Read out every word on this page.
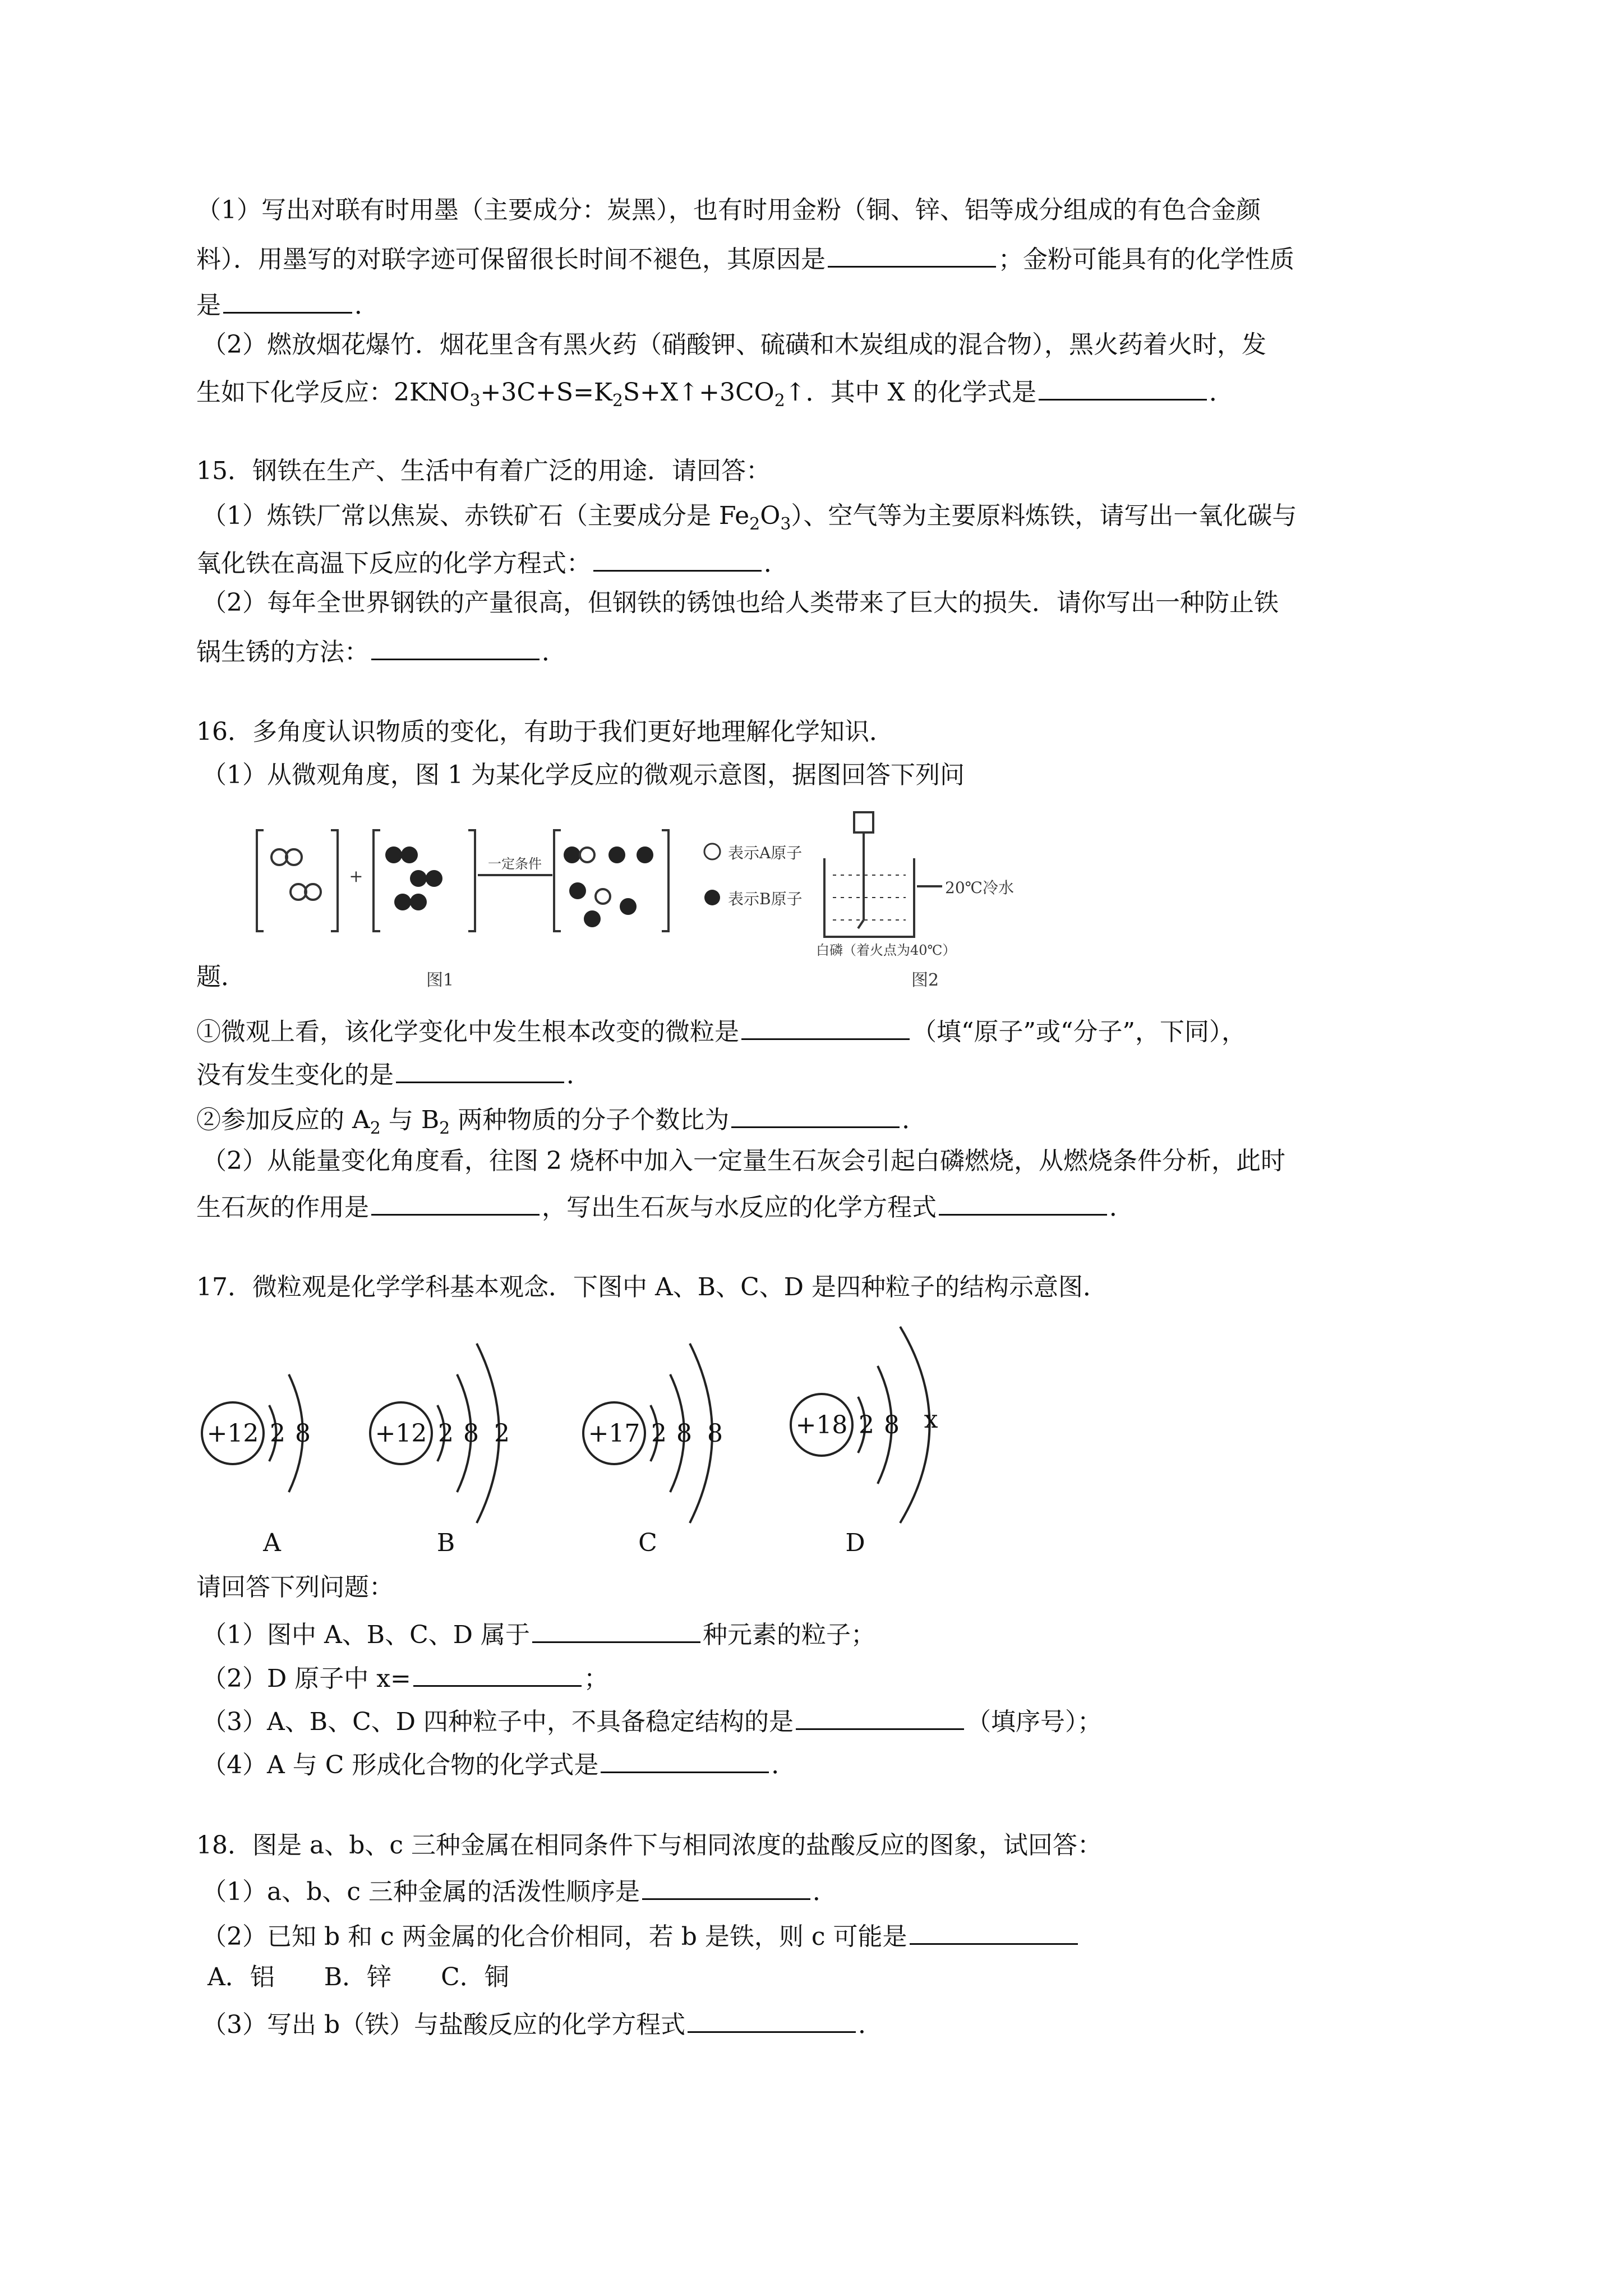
（1）写出对联有时用墨（主要成分：炭黑），也有时用金粉（铜、锌、铝等成分组成的有色合金颜
料）．用墨写的对联字迹可保留很长时间不褪色，其原因是	；金粉可能具有的化学性质
是	．
（2）燃放烟花爆竹．烟花里含有黑火药（硝酸钾、硫磺和木炭组成的混合物），黑火药着火时，发
生如下化学反应：$2KNO_3+3C+S=K_2S+X↑+3CO_2↑$．其中 X 的化学式是	．
15．钢铁在生产、生活中有着广泛的用途．请回答：
（1）炼铁厂常以焦炭、赤铁矿石（主要成分是 $Fe_2O_3$）、空气等为主要原料炼铁，请写出一氧化碳与
氧化铁在高温下反应的化学方程式：	．
（2）每年全世界钢铁的产量很高，但钢铁的锈蚀也给人类带来了巨大的损失．请你写出一种防止铁
锅生锈的方法：	．
16．多角度认识物质的变化，有助于我们更好地理解化学知识．
（1）从微观角度，图 1 为某化学反应的微观示意图，据图回答下列问
+
表示A原子
表示B原子
一定条件
20℃冷水
白磷（着火点为40℃）
图1	图2
题．
①微观上看，该化学变化中发生根本改变的微粒是	（填“原子”或“分子”，下同），
没有发生变化的是	．
②参加反应的 $A_2$ 与 $B_2$ 两种物质的分子个数比为	．
（2）从能量变化角度看，往图 2 烧杯中加入一定量生石灰会引起白磷燃烧，从燃烧条件分析，此时
生石灰的作用是	，写出生石灰与水反应的化学方程式	．
17．微粒观是化学学科基本观念．下图中 A、B、C、D 是四种粒子的结构示意图．
+12 2 8	+12 2 8 2	+17 2 8 8	+18 2 8 x
A	B	C	D
请回答下列问题：
（1）图中 A、B、C、D 属于	种元素的粒子；
（2）D 原子中 x=	；
（3）A、B、C、D 四种粒子中，不具备稳定结构的是	（填序号）；
（4）A 与 C 形成化合物的化学式是	．
18．图是 a、b、c 三种金属在相同条件下与相同浓度的盐酸反应的图象，试回答：
（1）a、b、c 三种金属的活泼性顺序是	．
（2）已知 b 和 c 两金属的化合价相同，若 b 是铁，则 c 可能是
A．铝　　B．锌　　C．铜
（3）写出 b（铁）与盐酸反应的化学方程式	．
